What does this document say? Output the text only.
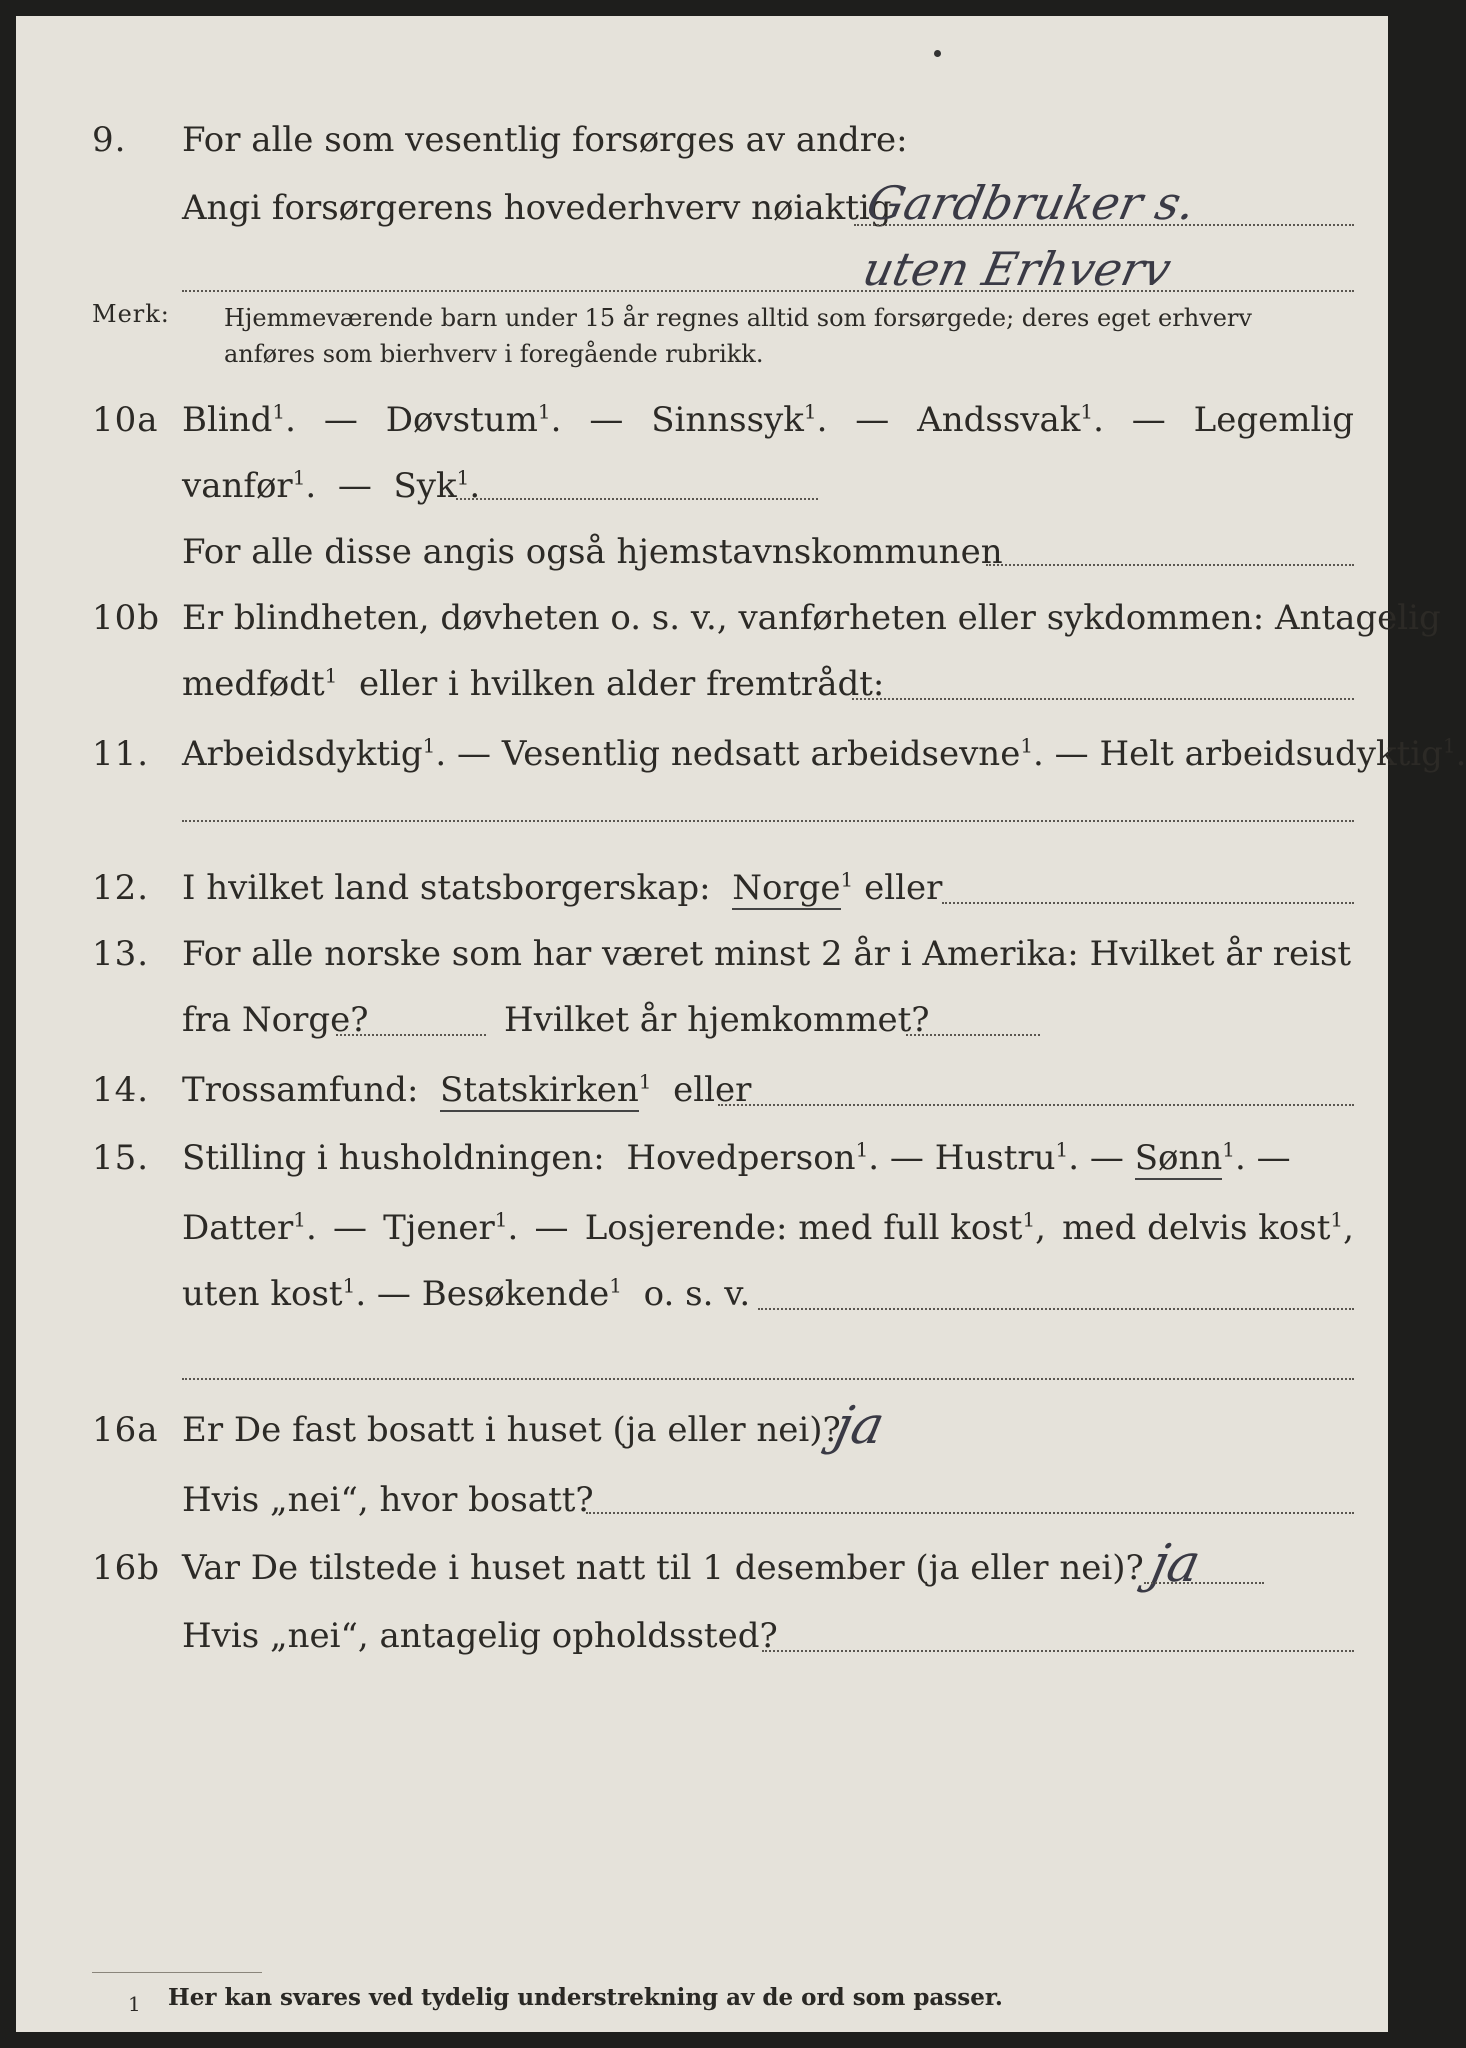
9. For alle som vesentlig forsørges av andre:
Angi forsørgerens hovederhverv nøiaktig
Gardbruker s.
uten Erhverv
Merk: Hjemmeværende barn under 15 år regnes alltid som forsørgede; deres eget erhverv
anføres som bierhverv i foregående rubrikk.
10a Blind$^1$. — Døvstum$^1$. — Sinnssyk$^1$. — Andssvak$^1$. — Legemlig
vanfør$^1$.  —  Syk$^1$.
For alle disse angis også hjemstavnskommunen
10b Er blindheten, døvheten o. s. v., vanførheten eller sykdommen: Antagelig
medfødt$^1$ eller i hvilken alder fremtrådt:
11. Arbeidsdyktig$^1$. — Vesentlig nedsatt arbeidsevne$^1$. — Helt arbeidsudyktig$^1$.
12. I hvilket land statsborgerskap: Norge$^1$ eller
13. For alle norske som har været minst 2 år i Amerika: Hvilket år reist
fra Norge?	Hvilket år hjemkommet?
14. Trossamfund: Statskirken$^1$ eller
15. Stilling i husholdningen: Hovedperson$^1$. — Hustru$^1$. — Sønn$^1$. —
Datter$^1$. — Tjener$^1$. — Losjerende: med full kost$^1$, med delvis kost$^1$,
uten kost$^1$. — Besøkende$^1$ o. s. v.
16a Er De fast bosatt i huset (ja eller nei)?
ja
Hvis „nei“, hvor bosatt?
16b Var De tilstede i huset natt til 1 desember (ja eller nei)? ja
Hvis „nei“, antagelig opholdssted?
1 Her kan svares ved tydelig understrekning av de ord som passer.
